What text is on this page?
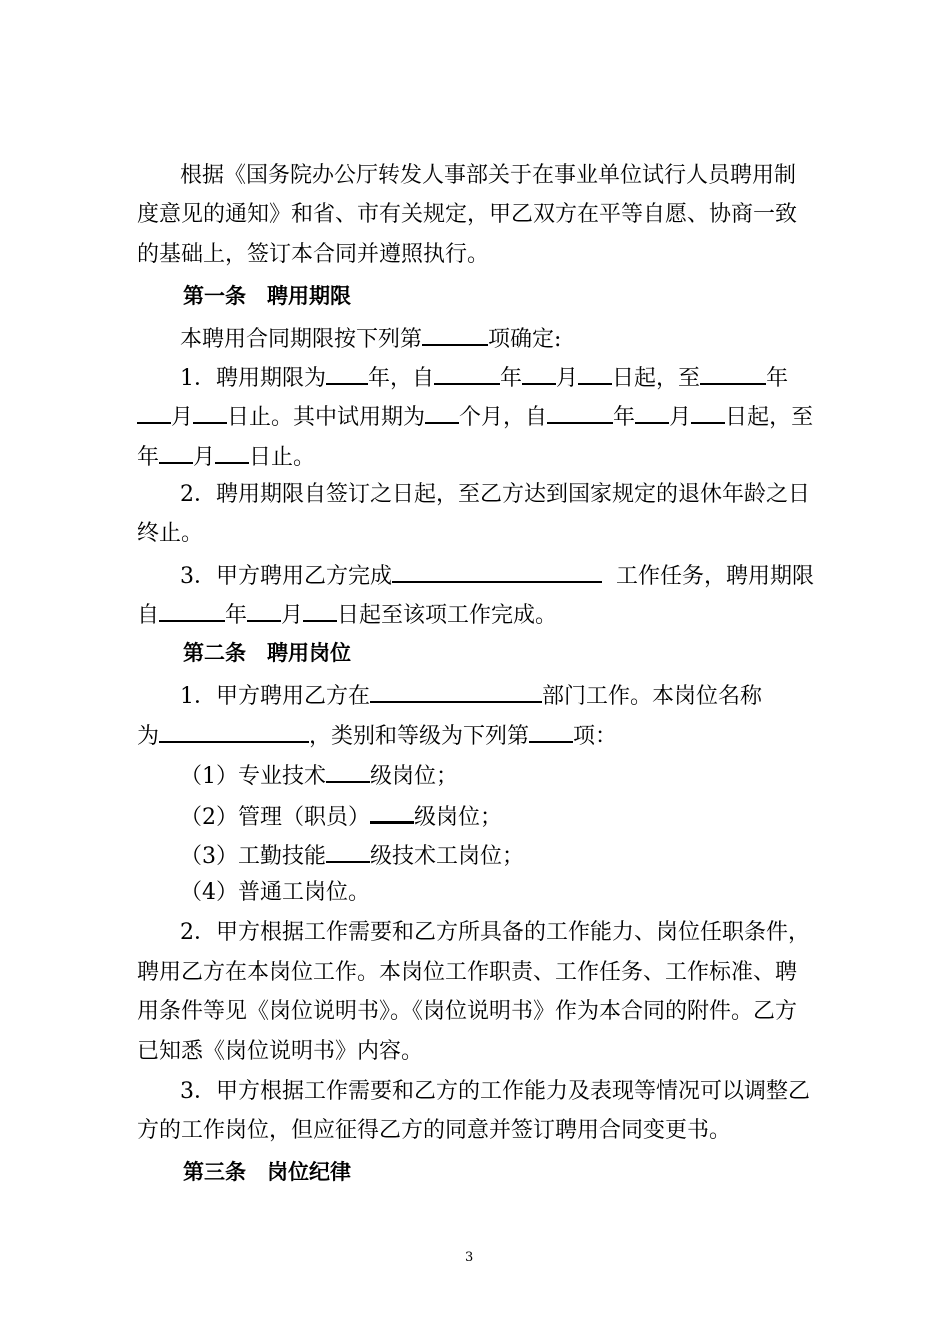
根据《国务院办公厅转发人事部关于在事业单位试行人员聘用制
度意见的通知》和省、市有关规定，甲乙双方在平等自愿、协商一致
的基础上，签订本合同并遵照执行。
第一条　聘用期限
本聘用合同期限按下列第	项确定:
1．聘用期限为 年，自	年 月 日起，至	年
月 日止。其中试用期为 个月，自	年 月 日起，至
年 月 日止。
2．聘用期限自签订之日起，至乙方达到国家规定的退休年龄之日
终止。
3．甲方聘用乙方完成	工作任务，聘用期限
自	年 月 日起至该项工作完成。
第二条　聘用岗位
1．甲方聘用乙方在	部门工作。本岗位名称
为	，类别和等级为下列第 项：
（1）专业技术 级岗位；
（2）管理（职员） 级岗位；
（3）工勤技能 级技术工岗位；
（4）普通工岗位。
2．甲方根据工作需要和乙方所具备的工作能力、岗位任职条件，
聘用乙方在本岗位工作。本岗位工作职责、工作任务、工作标准、聘
用条件等见《岗位说明书》。《岗位说明书》作为本合同的附件。乙方
已知悉《岗位说明书》内容。
3．甲方根据工作需要和乙方的工作能力及表现等情况可以调整乙
方的工作岗位，但应征得乙方的同意并签订聘用合同变更书。
第三条　岗位纪律
3
